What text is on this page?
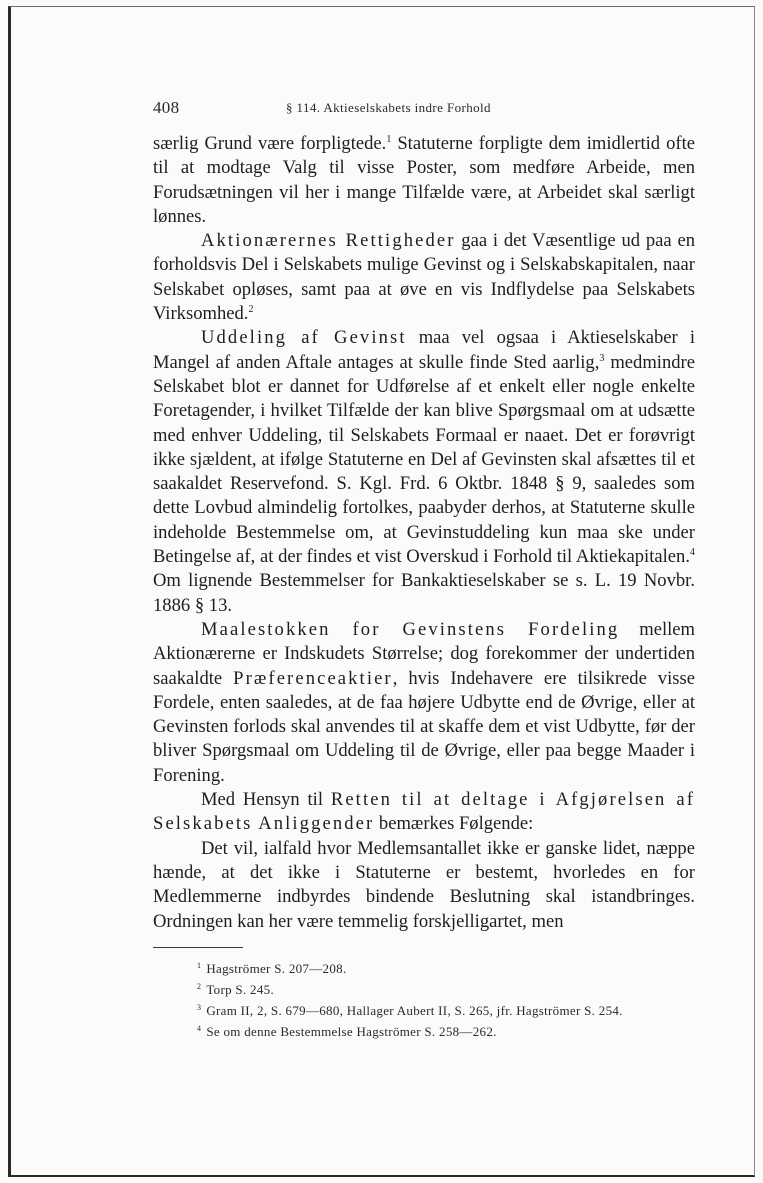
408	§ 114. Aktieselskabets indre Forhold

særlig Grund være forpligtede.$^1$ Statuterne forpligte dem imidlertid ofte til at modtage Valg til visse Poster, som medføre Arbeide, men Forudsætningen vil her i mange Tilfælde være, at Arbeidet skal særligt lønnes.

Aktionærernes Rettigheder gaa i det Væsentlige ud paa en forholdsvis Del i Selskabets mulige Gevinst og i Selskabskapitalen, naar Selskabet opløses, samt paa at øve en vis Indflydelse paa Selskabets Virksomhed.$^2$

Uddeling af Gevinst maa vel ogsaa i Aktieselskaber i Mangel af anden Aftale antages at skulle finde Sted aarlig,$^3$ medmindre Selskabet blot er dannet for Udførelse af et enkelt eller nogle enkelte Foretagender, i hvilket Tilfælde der kan blive Spørgsmaal om at udsætte med enhver Uddeling, til Selskabets Formaal er naaet. Det er forøvrigt ikke sjældent, at ifølge Statuterne en Del af Gevinsten skal afsættes til et saakaldet Reservefond. S. Kgl. Frd. 6 Oktbr. 1848 § 9, saaledes som dette Lovbud almindelig fortolkes, paabyder derhos, at Statuterne skulle indeholde Bestemmelse om, at Gevinstuddeling kun maa ske under Betingelse af, at der findes et vist Overskud i Forhold til Aktiekapitalen.$^4$ Om lignende Bestemmelser for Bankaktieselskaber se s. L. 19 Novbr. 1886 § 13.

Maalestokken for Gevinstens Fordeling mellem Aktionærerne er Indskudets Størrelse; dog forekommer der undertiden saakaldte Præferenceaktier, hvis Indehavere ere tilsikrede visse Fordele, enten saaledes, at de faa højere Udbytte end de Øvrige, eller at Gevinsten forlods skal anvendes til at skaffe dem et vist Udbytte, før der bliver Spørgsmaal om Uddeling til de Øvrige, eller paa begge Maader i Forening.

Med Hensyn til Retten til at deltage i Afgjørelsen af Selskabets Anliggender bemærkes Følgende:

Det vil, ialfald hvor Medlemsantallet ikke er ganske lidet, næppe hænde, at det ikke i Statuterne er bestemt, hvorledes en for Medlemmerne indbyrdes bindende Beslutning skal istandbringes. Ordningen kan her være temmelig forskjelligartet, men

$^1$ Hagströmer S. 207—208.
$^2$ Torp S. 245.
$^3$ Gram II, 2, S. 679—680, Hallager Aubert II, S. 265, jfr. Hagströmer S. 254.
$^4$ Se om denne Bestemmelse Hagströmer S. 258—262.
